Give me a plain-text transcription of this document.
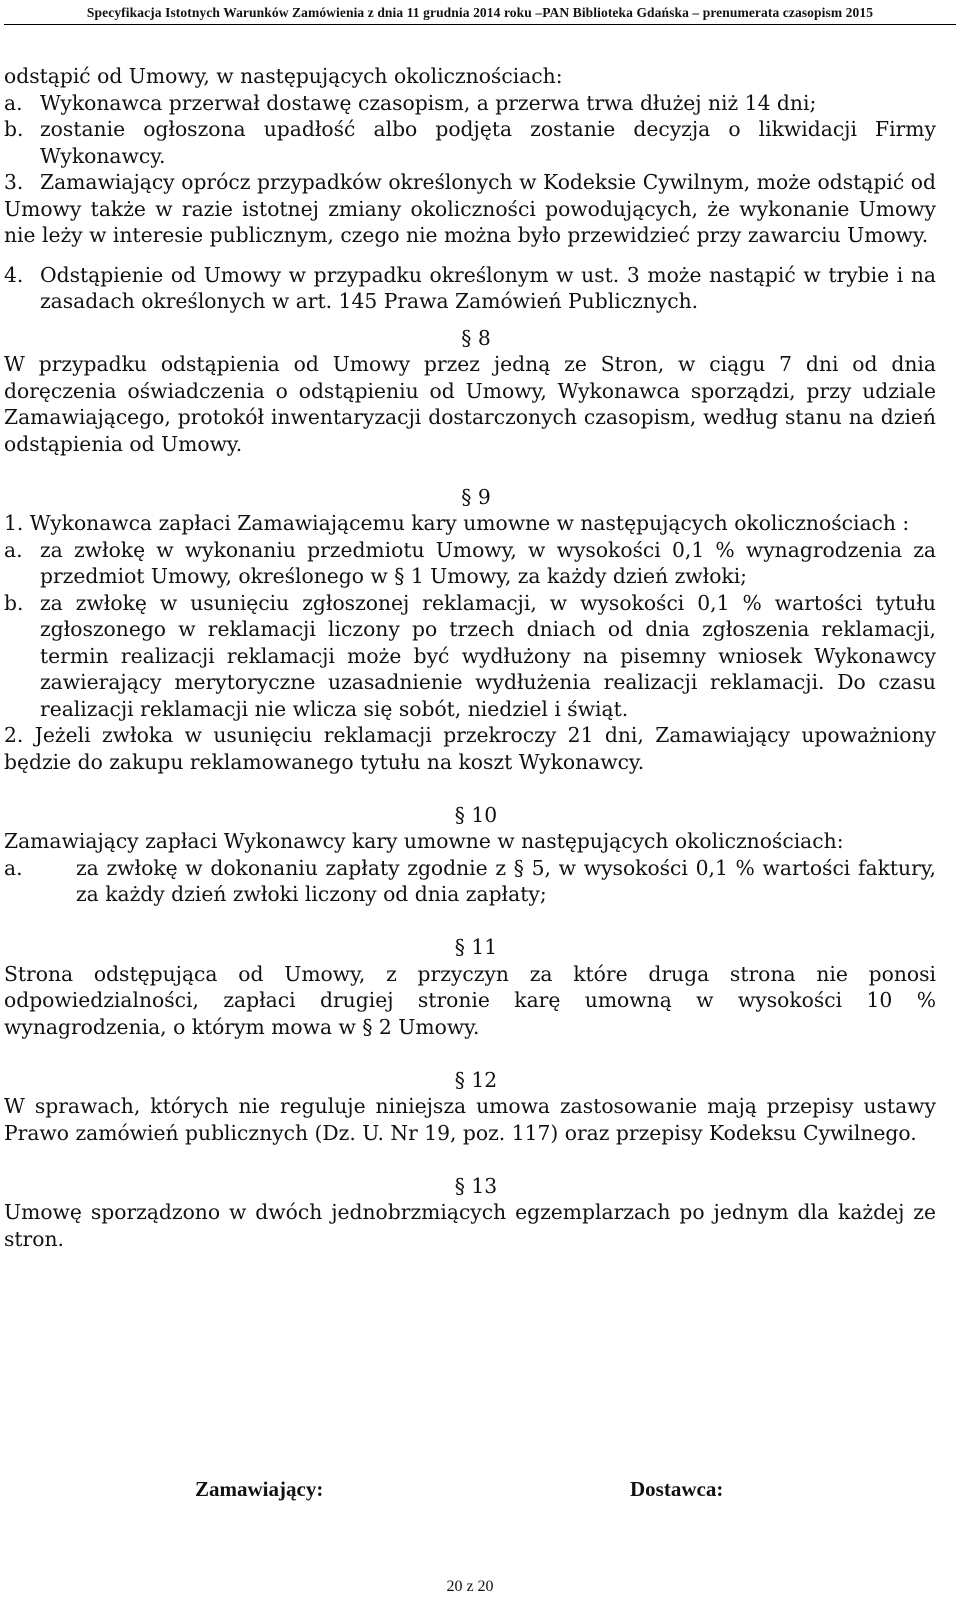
Specyfikacja Istotnych Warunków Zamówienia z dnia 11 grudnia 2014 roku –PAN Biblioteka Gdańska – prenumerata czasopism 2015

odstąpić od Umowy, w następujących okolicznościach:

a. Wykonawca przerwał dostawę czasopism, a przerwa trwa dłużej niż 14 dni;
b. zostanie ogłoszona upadłość albo podjęta zostanie decyzja o likwidacji Firmy Wykonawcy.
3. Zamawiający oprócz przypadków określonych w Kodeksie Cywilnym, może odstąpić od Umowy także w razie istotnej zmiany okoliczności powodujących, że wykonanie Umowy nie leży w interesie publicznym, czego nie można było przewidzieć przy zawarciu Umowy.
4. Odstąpienie od Umowy w przypadku określonym w ust. 3 może nastąpić w trybie i na zasadach określonych w art. 145 Prawa Zamówień Publicznych.

§ 8

W przypadku odstąpienia od Umowy przez jedną ze Stron, w ciągu 7 dni od dnia doręczenia oświadczenia o odstąpieniu od Umowy, Wykonawca sporządzi, przy udziale Zamawiającego, protokół inwentaryzacji dostarczonych czasopism, według stanu na dzień odstąpienia od Umowy.

§ 9

1. Wykonawca zapłaci Zamawiającemu kary umowne w następujących okolicznościach :

a. za zwłokę w wykonaniu przedmiotu Umowy, w wysokości 0,1 % wynagrodzenia za przedmiot Umowy, określonego w § 1 Umowy, za każdy dzień zwłoki;
b. za zwłokę w usunięciu zgłoszonej reklamacji, w wysokości 0,1 % wartości tytułu zgłoszonego w reklamacji liczony po trzech dniach od dnia zgłoszenia reklamacji, termin realizacji reklamacji może być wydłużony na pisemny wniosek Wykonawcy zawierający merytoryczne uzasadnienie wydłużenia realizacji reklamacji. Do czasu realizacji reklamacji nie wlicza się sobót, niedziel i świąt.

2. Jeżeli zwłoka w usunięciu reklamacji przekroczy 21 dni, Zamawiający upoważniony będzie do zakupu reklamowanego tytułu na koszt Wykonawcy.

§ 10

Zamawiający zapłaci Wykonawcy kary umowne w następujących okolicznościach:

a.	za zwłokę w dokonaniu zapłaty zgodnie z § 5, w wysokości 0,1 % wartości faktury, za każdy dzień zwłoki liczony od dnia zapłaty;

§ 11

Strona odstępująca od Umowy, z przyczyn za które druga strona nie ponosi odpowiedzialności, zapłaci drugiej stronie karę umowną w wysokości 10 % wynagrodzenia, o którym mowa w § 2 Umowy.

§ 12

W sprawach, których nie reguluje niniejsza umowa zastosowanie mają przepisy ustawy Prawo zamówień publicznych (Dz. U. Nr 19, poz. 117) oraz przepisy Kodeksu Cywilnego.

§ 13

Umowę sporządzono w dwóch jednobrzmiących egzemplarzach po jednym dla każdej ze stron.

Zamawiający:	Dostawca:
20 z 20
